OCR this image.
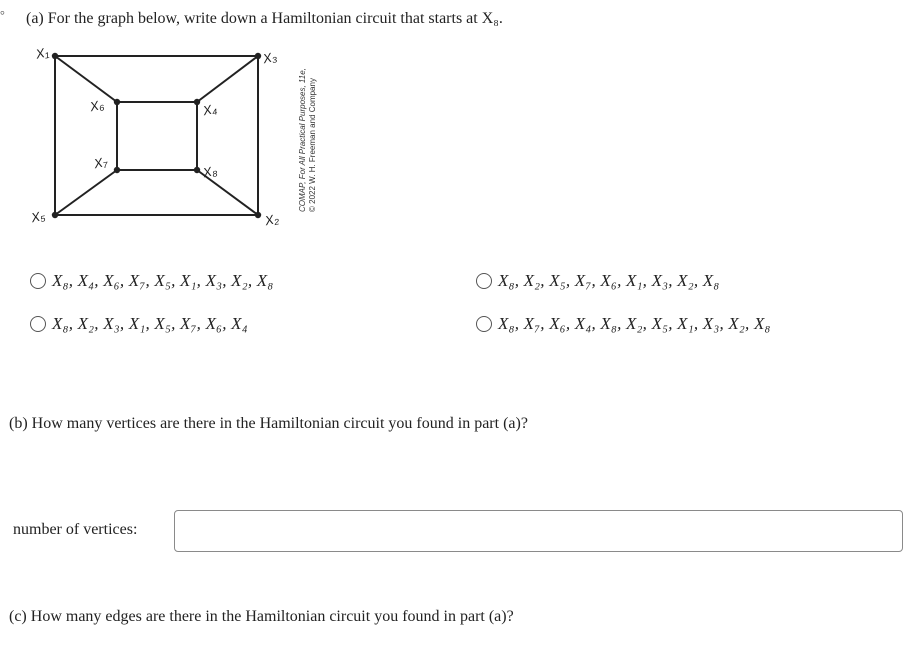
° (a) For the graph below, write down a Hamiltonian circuit that starts at X₈.
X₁	X₃
X₅	X₂
X₆	X₄
X₇
X₈	COMAP, For All Practical Purposes, 11e, © 2022 W. H. Freeman and Company
X₈, X₄, X₆, X₇, X₅, X₁, X₃, X₂, X₈	X₈, X₂, X₅, X₇, X₆, X₁, X₃, X₂, X₈
X₈, X₂, X₃, X₁, X₅, X₇, X₆, X₄	X₈, X₇, X₆, X₄, X₈, X₂, X₅, X₁, X₃, X₂, X₈
(b) How many vertices are there in the Hamiltonian circuit you found in part (a)?
number of vertices:
(c) How many edges are there in the Hamiltonian circuit you found in part (a)?
